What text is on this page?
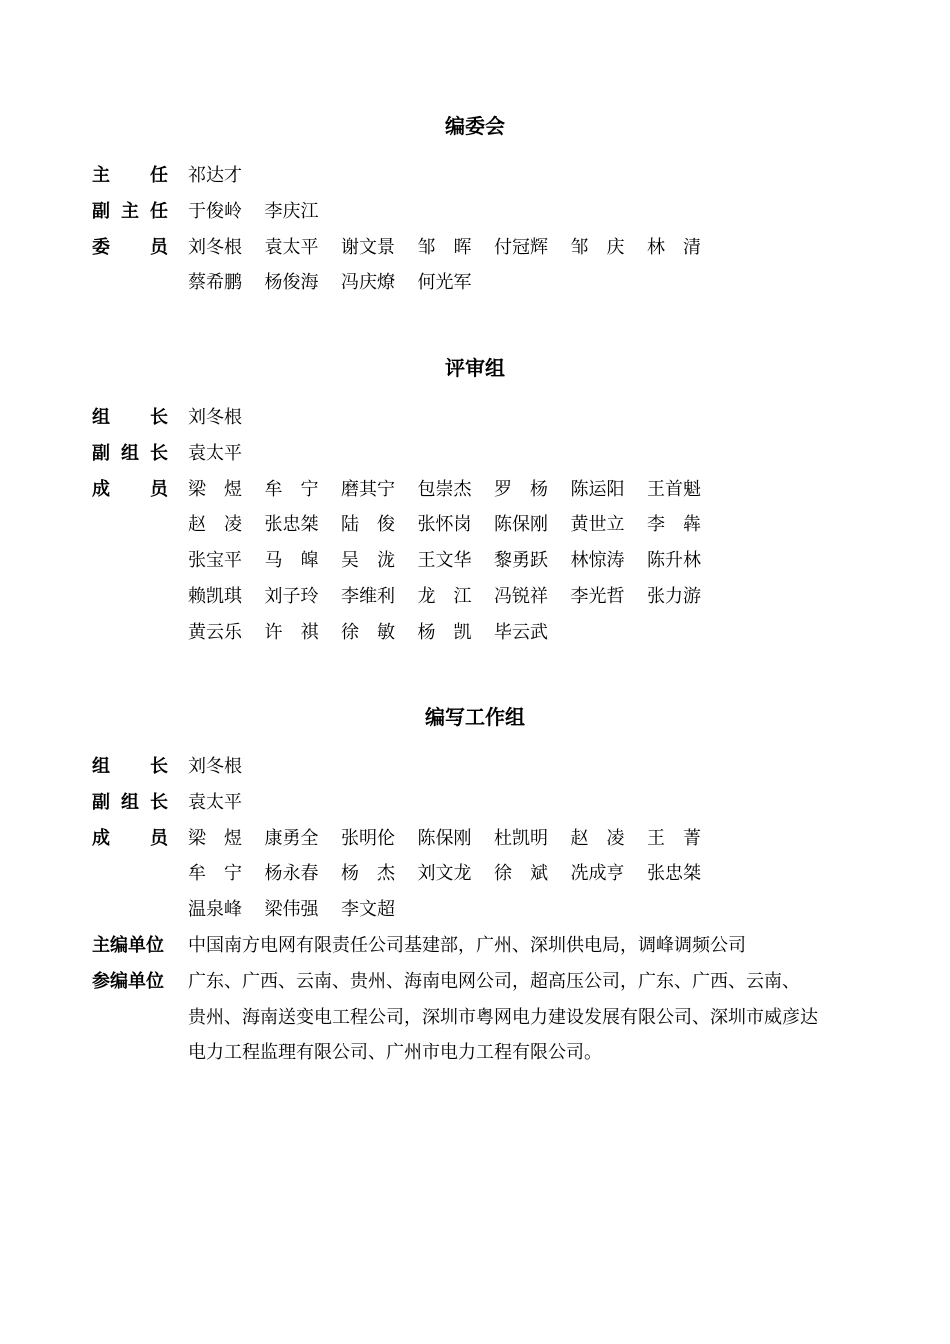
编委会
主 任 祁达才
副 主 任 于俊岭	李庆江
委 员 刘冬根	袁太平	谢文景	邹　晖	付冠辉	邹　庆	林　清
蔡希鹏	杨俊海	冯庆燎	何光军
评审组
组 长 刘冬根
副 组 长 袁太平
成 员 梁　煜	牟　宁	磨其宁	包崇杰	罗　杨	陈运阳	王首魁
赵　凌	张忠桀	陆　俊	张怀岗	陈保刚	黄世立	李　犇
张宝平	马　皡	吴　泷	王文华	黎勇跃	林惊涛	陈升林
赖凯琪	刘子玲	李维利	龙　江	冯锐祥	李光哲	张力游
黄云乐	许　祺	徐　敏	杨　凯	毕云武
编写工作组
组 长 刘冬根
副 组 长 袁太平
成 员 梁　煜	康勇全	张明伦	陈保刚	杜凯明	赵　凌	王　菁
牟　宁	杨永春	杨　杰	刘文龙	徐　斌	冼成亨	张忠桀
温泉峰	梁伟强	李文超
主 编 单 位 中国南方电网有限责任公司基建部，广州、深圳供电局，调峰调频公司
参 编 单 位 广东、广西、云南、贵州、海南电网公司，超高压公司，广东、广西、云南、
贵州、海南送变电工程公司，深圳市粤网电力建设发展有限公司、深圳市威彦达
电力工程监理有限公司、广州市电力工程有限公司。
